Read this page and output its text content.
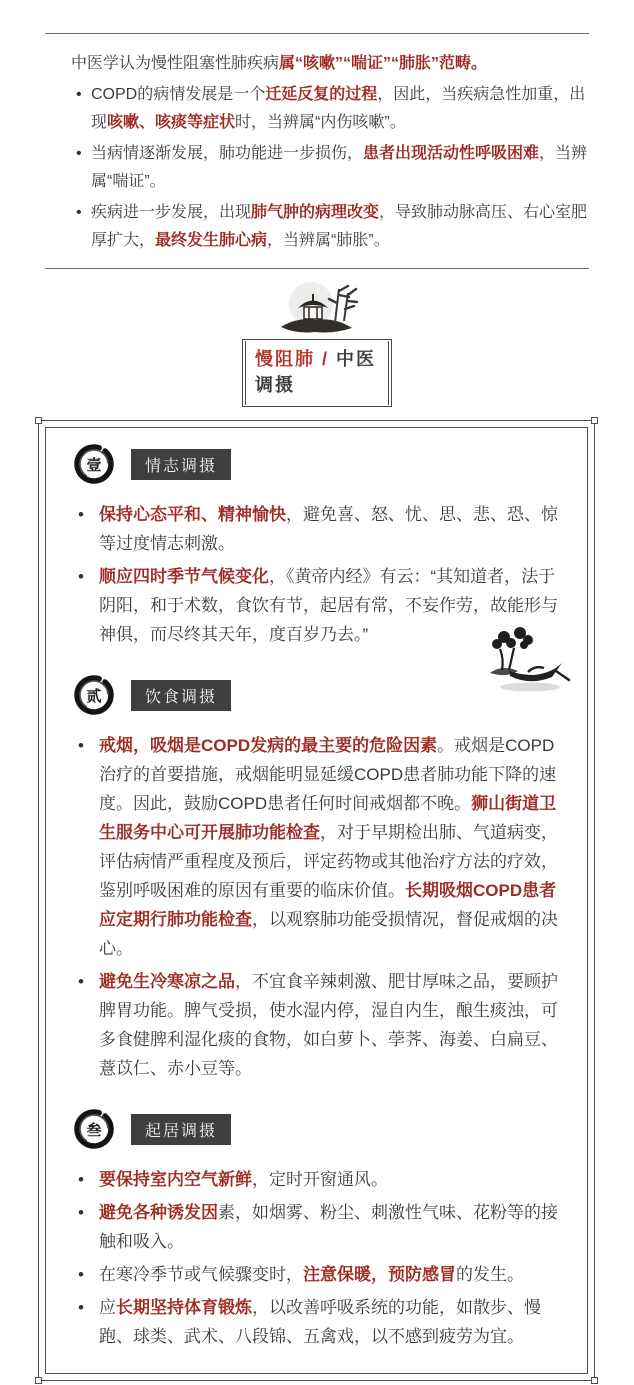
中医学认为慢性阻塞性肺疾病属“咳嗽”“喘证”“肺胀”范畴。

•
COPD的病情发展是一个迁延反复的过程，因此，当疾病急性加重，出现咳嗽、咳痰等症状时，当辨属“内伤咳嗽”。
•
当病情逐渐发展，肺功能进一步损伤，患者出现活动性呼吸困难，当辨属“喘证”。
•
疾病进一步发展，出现肺气肿的病理改变，导致肺动脉高压、右心室肥厚扩大，最终发生肺心病，当辨属“肺胀”。

慢阻肺 / 中医调摄

壹	情志调摄
•
保持心态平和、精神愉快，避免喜、怒、忧、思、悲、恐、惊等过度情志刺激。
•
顺应四时季节气候变化，《黄帝内经》有云：“其知道者，法于阴阳，和于术数，食饮有节，起居有常，不妄作劳，故能形与神俱，而尽终其天年，度百岁乃去。”
贰	饮食调摄
•
戒烟，吸烟是COPD发病的最主要的危险因素。戒烟是COPD治疗的首要措施，戒烟能明显延缓COPD患者肺功能下降的速度。因此，鼓励COPD患者任何时间戒烟都不晚。狮山街道卫生服务中心可开展肺功能检查，对于早期检出肺、气道病变，评估病情严重程度及预后，评定药物或其他治疗方法的疗效，鉴别呼吸困难的原因有重要的临床价值。长期吸烟COPD患者应定期行肺功能检查，以观察肺功能受损情况，督促戒烟的决心。
•
避免生冷寒凉之品，不宜食辛辣刺激、肥甘厚味之品，要顾护脾胃功能。脾气受损，使水湿内停，湿自内生，酿生痰浊，可多食健脾利湿化痰的食物，如白萝卜、荸荠、海姜、白扁豆、薏苡仁、赤小豆等。
叁	起居调摄
•
要保持室内空气新鲜，定时开窗通风。
•
避免各种诱发因素，如烟雾、粉尘、刺激性气味、花粉等的接触和吸入。
•
在寒冷季节或气候骤变时，注意保暖，预防感冒的发生。
•
应长期坚持体育锻炼，以改善呼吸系统的功能，如散步、慢跑、球类、武术、八段锦、五禽戏，以不感到疲劳为宜。
